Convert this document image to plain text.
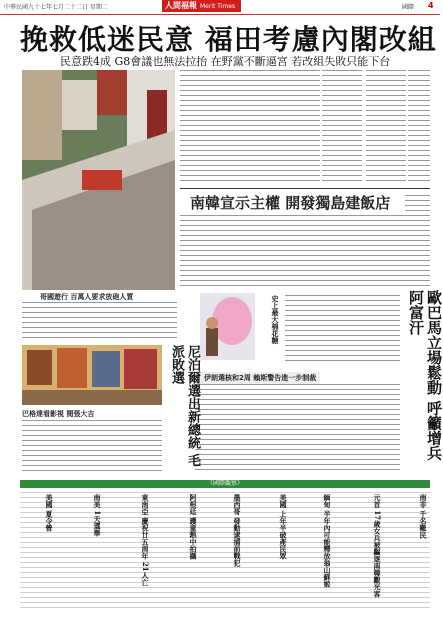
中華民國九十七年七月二十二日 星期二	人間福報 Merit Times	國際 4
挽救低迷民意 福田考慮內閣改組
民意跌4成 G8會議也無法拉抬 在野黨不斷逼宮 若改組失敗只能下台
哥國遊行 百萬人要求放砲人質
南韓宣示主權 開發獨島建飯店
歐巴馬立場鬆動 呼籲增兵阿富汗
史上最大棉花糖
伊朗選核和2周 賴斯警告進一步制裁
尼泊爾選出新總統 毛派敗選
巴格達看影視 閱張大吉
《國際觀察》
南非 千名難民
元首 17歲女兵被驅逐南韓觀光客
緬甸 半年內可能釋放翁山蘇姬
美國 上年半破產民眾
墨西哥 發動逮捕前戰犯
阿根廷 護童熱中拍攝
東南亞 慶祝廿五周年 21人亡
南美 1天選舉
美國 夏令營
